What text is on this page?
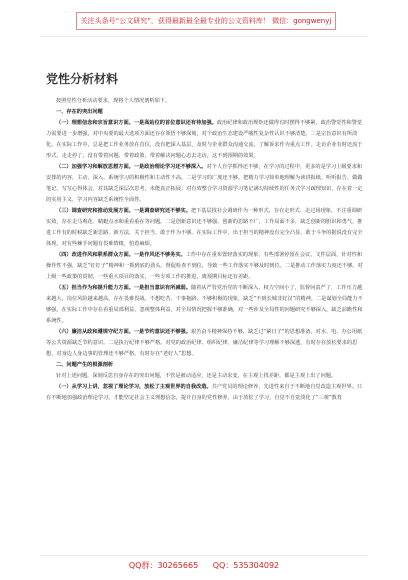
关注头条号“公文研究”，获得最新最全最专业的公文资料库！ 微信：gongwenyj
党性分析材料

按照党性分析活动要求，现将个人情况剖析如下。

一、存在的突出问题

（一）理想信念和宗旨意识方面。一是高站位的首位意识还有待加强。政治纪律和政治规矩还做得有时摆得不够紧，政治警觉性和警觉力需要进一步增强，对中央要的最大选项方面还存在领悟不够深刻，对个政治生态建设严峻性复杂性认识不够清楚。二是宗旨意识有所淡化。在实际工作中，总是把工作业务放在首位，没有把深入基层，及时与企业群众沟通交流，了解诉求作为重点工作。走访企业有时还流于形式，走走停了，没有带着问题、带着政策、带着解决问题心态去走访，这不到预期的效果。

（二）加强学习和解放思想方面。一是政治理论学习还不够深入。对个人自学抓得还不够，在学习的过程中，更多的是学习上级要求和安排的内容，主动、深入、系统学习的积极性和主动性不高。二是学习的广度还不够。把精力学习简单地理解为读讲报纸、听听报告、做做笔记、写写心得体会，对其缺乏深层次思考，未能真正拓展；对有效整合学习资源学习笔记满勾持续性的任务式学习疏理知识，存在着一定的实用主义，学习内容缺乏系统性全面性。

（三）调查研究和推动发展方面。一是调查研究还不够实。把下基层找社会调研作为一种形式，存在走形式、走过场现象，不注重调研实效，存在走马观花、蜻蜓点水和重看重在等问题。二是创新意识还不够强。创新的思路不广，工作局面不多，缺乏创新的胆识和勇气，推进工作有的时候缺乏新思路、新方法，关于担当、敢于作为不够。在实际工作中，出于担当的精神没有完全凸显，敢于斗争的据说没有完全体现，对有些棘手问题有畏难情绪，怕惹麻烦。

（四）改进作风和联系群众方面。一是作风还不够务实。工作中存在重布置轻落实的现象，有些部署停留在会议、文件层面，针对性和操作性不强，缺乏“钉钉子”精神和一抓到底的劲头。督促检查不到位，导致一些工作落实不够及时到位。二是推动工作落实力度还不够。对上级一些政策的贯彻，一些重大项目的落实，一些专项工作的推进，离预期目标还有差距。

（五）担当作为和提升能力方面。一是担当意识有所减弱。随着从严管党治党的不断深入，权力空间小了，监督问责严了，工作压力越来越大，岗位风险越来越高，存在畏难畏战、不想吃苦、干事拖跻、不够积极的现象，缺乏“不到长城非好汉”的精神。二是谋划全局能力不够强。在实际工作中存在看重局部利益，忽视整体利益，对全局情况把握不够准确，对一些涉及全局性的问题研究不够深入，缺乏前瞻性和系统性。

（六）廉洁从政和遵规守纪方面。一是节约意识还不够强。艰苦奋斗精神保持不够，缺乏过“紧日子”的思想准备，对水、电、办公用纸等公共资源缺乏节约意识。二是执行纪律不够严格。对党的政治纪律、组织纪律、廉洁纪律等学习理解不够深透，有时存在放松要求的思想，对身边人身边事的管理还不够严格，有时存在“老好人”思想。

二、问题产生的根源剖析

针对上述问题，深刻反思自身存在的突出问题，不管是被动适应，还是主动求变，在主观上找差距，都是主观上出了问题。

（一）从学习上讲，忽视了理论学习，放松了主观世界的自我改造。共产党员的理论修养，先进性来自于不断地自觉改造主观世界。只有不断地加强政治理论学习，才能坚定社会主义理想信念，提升自身的党性修养，由于放松了学习，自觉不自觉淡化了“三观”教育

QQ群：30265665 QQ：535304092
